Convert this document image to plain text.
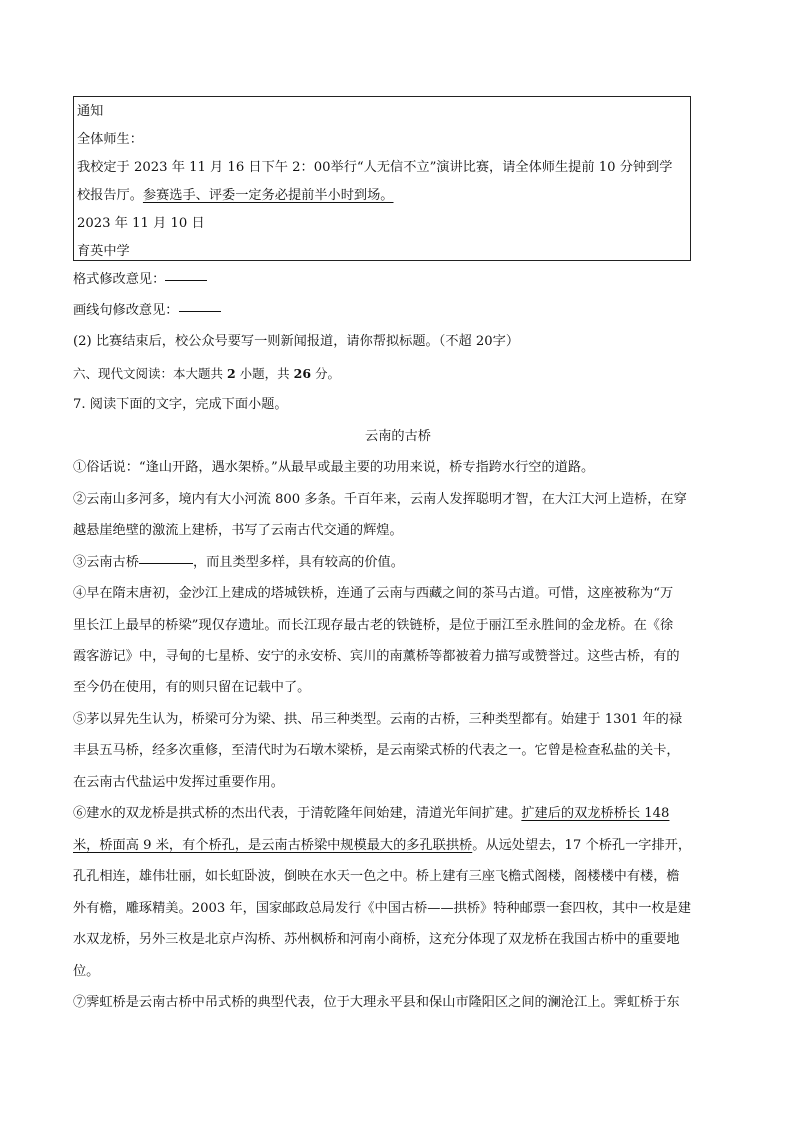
通知
全体师生：
我校定于 2023 年 11 月 16 日下午 2：00举行“人无信不立”演讲比赛，请全体师生提前 10 分钟到学
校报告厅。参赛选手、评委一定务必提前半小时到场。
2023 年 11 月 10 日
育英中学
格式修改意见：
画线句修改意见：
(2) 比赛结束后，校公众号要写一则新闻报道，请你帮拟标题。（不超 20字）
六、现代文阅读：本大题共 2 小题，共 26 分。
7. 阅读下面的文字，完成下面小题。
云南的古桥
①俗话说：“逢山开路，遇水架桥。”从最早或最主要的功用来说，桥专指跨水行空的道路。
②云南山多河多，境内有大小河流 800 多条。千百年来，云南人发挥聪明才智，在大江大河上造桥，在穿
越悬崖绝壁的激流上建桥，书写了云南古代交通的辉煌。
③云南古桥	，而且类型多样，具有较高的价值。
④早在隋末唐初，金沙江上建成的塔城铁桥，连通了云南与西藏之间的茶马古道。可惜，这座被称为“万
里长江上最早的桥梁”现仅存遗址。而长江现存最古老的铁链桥，是位于丽江至永胜间的金龙桥。在《徐
霞客游记》中，寻甸的七星桥、安宁的永安桥、宾川的南薰桥等都被着力描写或赞誉过。这些古桥，有的
至今仍在使用，有的则只留在记载中了。
⑤茅以昇先生认为，桥梁可分为梁、拱、吊三种类型。云南的古桥，三种类型都有。始建于 1301 年的禄
丰县五马桥，经多次重修，至清代时为石墩木梁桥，是云南梁式桥的代表之一。它曾是检查私盐的关卡，
在云南古代盐运中发挥过重要作用。
⑥建水的双龙桥是拱式桥的杰出代表，于清乾隆年间始建，清道光年间扩建。扩建后的双龙桥桥长 148
米，桥面高 9 米，有个桥孔，是云南古桥梁中规模最大的多孔联拱桥。从远处望去，17 个桥孔一字排开，
孔孔相连，雄伟壮丽，如长虹卧波，倒映在水天一色之中。桥上建有三座飞檐式阁楼，阁楼楼中有楼，檐
外有檐，雕琢精美。2003 年，国家邮政总局发行《中国古桥——拱桥》特种邮票一套四枚，其中一枚是建
水双龙桥，另外三枚是北京卢沟桥、苏州枫桥和河南小商桥，这充分体现了双龙桥在我国古桥中的重要地
位。
⑦霁虹桥是云南古桥中吊式桥的典型代表，位于大理永平县和保山市隆阳区之间的澜沧江上。霁虹桥于东
